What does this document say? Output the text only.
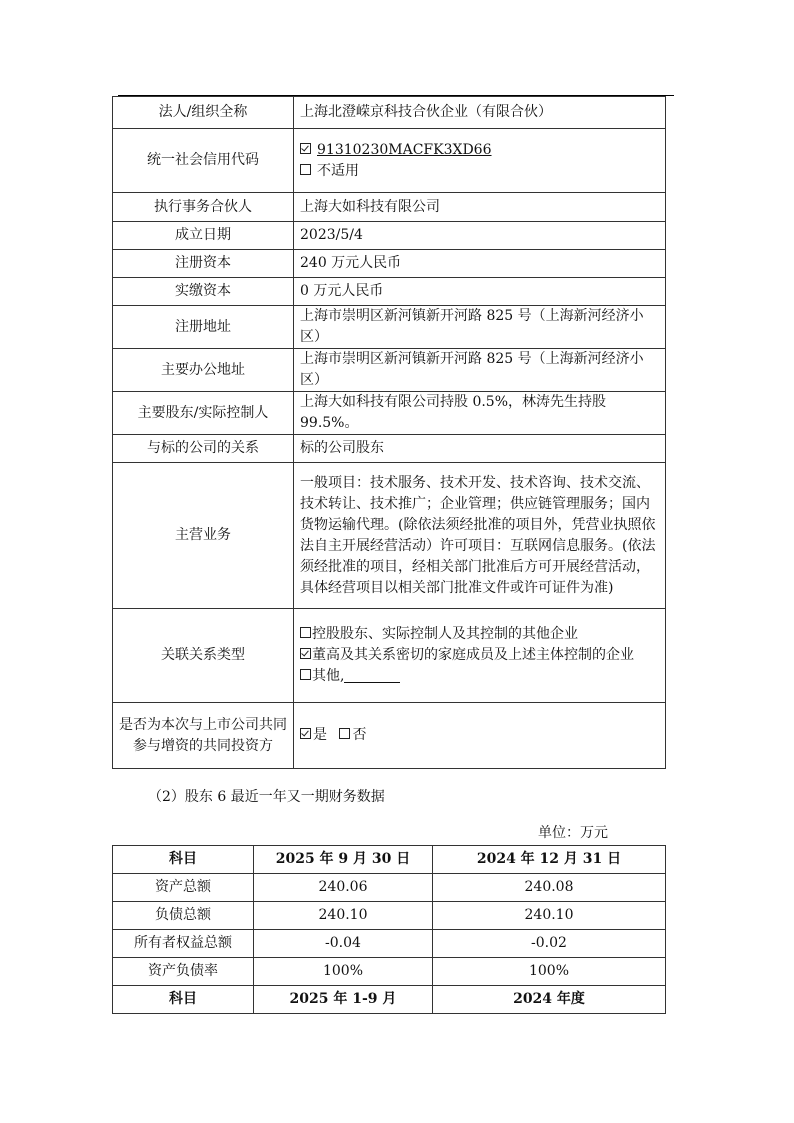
法人/组织全称	上海北澄嵘京科技合伙企业（有限合伙）
统一社会信用代码	91310230MACFK3XD66
不适用

执行事务合伙人	上海大如科技有限公司
成立日期	2023/5/4
注册资本	240 万元人民币
实缴资本	0 万元人民币
注册地址	上海市崇明区新河镇新开河路 825 号（上海新河经济小区）
主要办公地址	上海市崇明区新河镇新开河路 825 号（上海新河经济小区）
主要股东/实际控制人	上海大如科技有限公司持股 0.5%，林涛先生持股 99.5%。
与标的公司的关系	标的公司股东
主营业务	一般项目：技术服务、技术开发、技术咨询、技术交流、技术转让、技术推广；企业管理；供应链管理服务；国内货物运输代理。(除依法须经批准的项目外，凭营业执照依法自主开展经营活动）许可项目：互联网信息服务。(依法须经批准的项目，经相关部门批准后方可开展经营活动，具体经营项目以相关部门批准文件或许可证件为准)
关联关系类型	控股股东、实际控制人及其控制的其他企业
董高及其关系密切的家庭成员及上述主体控制的企业
其他,

是否为本次与上市公司共同参与增资的共同投资方	是 否
（2）股东 6 最近一年又一期财务数据
单位：万元
科目	2025 年 9 月 30 日	2024 年 12 月 31 日
资产总额	240.06	240.08
负债总额	240.10	240.10
所有者权益总额	-0.04	-0.02
资产负债率	100%	100%
科目	2025 年 1-9 月	2024 年度
